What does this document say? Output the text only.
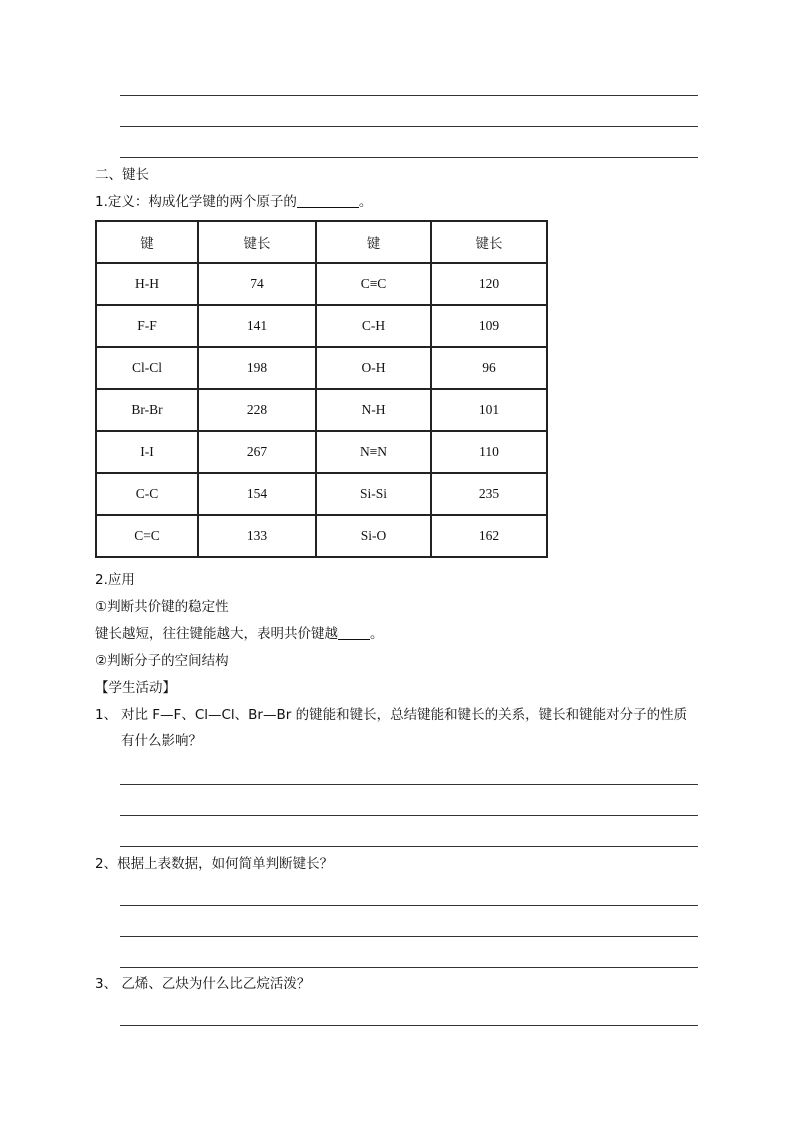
二、键长
1.定义：构成化学键的两个原子的	。
键	键长	键	键长
H-H	74	C≡C	120
F-F	141	C-H	109
Cl-Cl	198	O-H	96
Br-Br	228	N-H	101
I-I	267	N≡N	110
C-C	154	Si-Si	235
C=C	133	Si-O	162
2.应用
①判断共价键的稳定性
键长越短，往往键能越大，表明共价键越 。
②判断分子的空间结构
【学生活动】
1、 对比 F—F、Cl—Cl、Br—Br 的键能和键长，总结键能和键长的关系，键长和键能对分子的性质
有什么影响？
2、根据上表数据，如何简单判断键长？
3、 乙烯、乙炔为什么比乙烷活泼？
